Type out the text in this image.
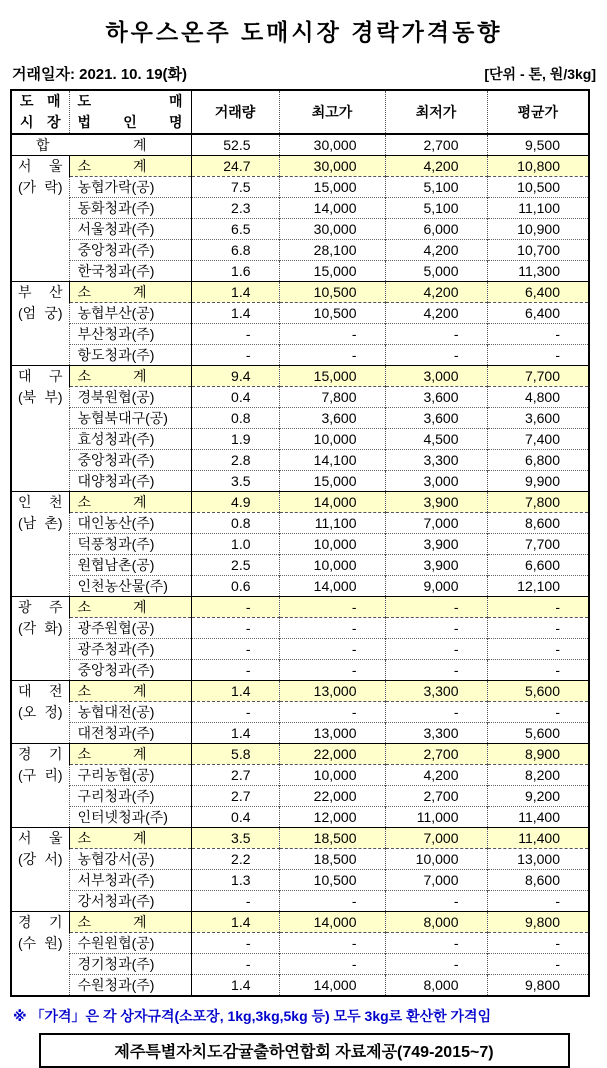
하우스온주 도매시장 경락가격동향
거래일자: 2021. 10. 19(화)	[단위 - 톤, 원/3kg]
도 매
시 장

도	매
법 인 명
	거래량	최고가	최저가	평균가

합 계		52.5	30,000	2,700	9,500

서 울
(가 락)

소	계	24.7	30,000	4,200	10,800
	농협가락(공)	7.5	15,000	5,100	10,500
	동화청과(주)	2.3	14,000	5,100	11,100
	서울청과(주)	6.5	30,000	6,000	10,900
	중앙청과(주)	6.8	28,100	4,200	10,700
	한국청과(주)	1.6	15,000	5,000	11,300

부 산
(엄 궁)

소	계	1.4	10,500	4,200	6,400
	농협부산(공)	1.4	10,500	4,200	6,400
	부산청과(주)	-	-	-	-
	항도청과(주)	-	-	-	-

대 구
(북 부)

소	계	9.4	15,000	3,000	7,700
	경북원협(공)	0.4	7,800	3,600	4,800
	농협북대구(공)	0.8	3,600	3,600	3,600
	효성청과(주)	1.9	10,000	4,500	7,400
	중앙청과(주)	2.8	14,100	3,300	6,800
	대양청과(주)	3.5	15,000	3,000	9,900

인 천
(남 촌)

소	계	4.9	14,000	3,900	7,800
	대인농산(주)	0.8	11,100	7,000	8,600
	덕풍청과(주)	1.0	10,000	3,900	7,700
	원협남촌(공)	2.5	10,000	3,900	6,600
	인천농산물(주)	0.6	14,000	9,000	12,100

광 주
(각 화)

소	계	-	-	-	-
	광주원협(공)	-	-	-	-
	광주청과(주)	-	-	-	-
	중앙청과(주)	-	-	-	-

대 전
(오 정)

소	계	1.4	13,000	3,300	5,600
	농협대전(공)	-	-	-	-
	대전청과(주)	1.4	13,000	3,300	5,600

경 기
(구 리)

소	계	5.8	22,000	2,700	8,900
	구리농협(공)	2.7	10,000	4,200	8,200
	구리청과(주)	2.7	22,000	2,700	9,200
	인터넷청과(주)	0.4	12,000	11,000	11,400

서 울
(강 서)

소	계	3.5	18,500	7,000	11,400
	농협강서(공)	2.2	18,500	10,000	13,000
	서부청과(주)	1.3	10,500	7,000	8,600
	강서청과(주)	-	-	-	-

경 기
(수 원)

소	계	1.4	14,000	8,000	9,800
	수원원협(공)	-	-	-	-
	경기청과(주)	-	-	-	-
	수원청과(주)	1.4	14,000	8,000	9,800
※ 「가격」은 각 상자규격(소포장, 1kg,3kg,5kg 등) 모두 3kg로 환산한 가격임
제주특별자치도감귤출하연합회 자료제공(749-2015~7)
